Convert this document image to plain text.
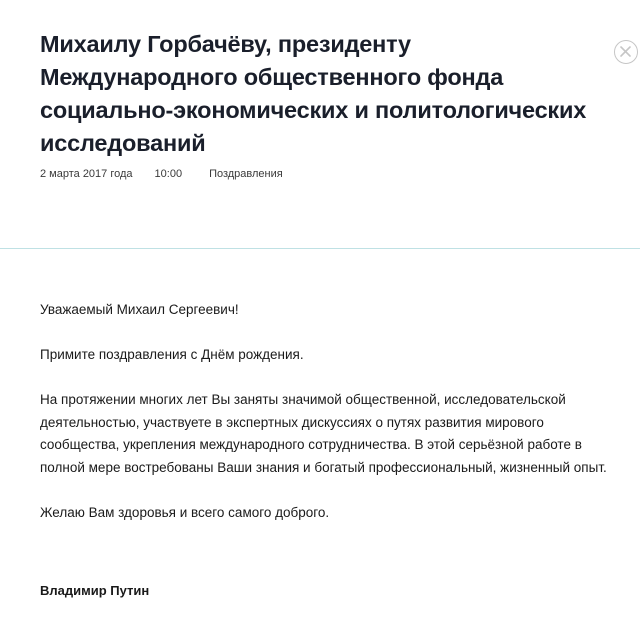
Михаилу Горбачёву, президенту Международного общественного фонда социально-экономических и политологических исследований
2 марта 2017 года 10:00 Поздравления

Уважаемый Михаил Сергеевич!

Примите поздравления с Днём рождения.

На протяжении многих лет Вы заняты значимой общественной, исследовательской деятельностью, участвуете в экспертных дискуссиях о путях развития мирового сообщества, укрепления международного сотрудничества. В этой серьёзной работе в полной мере востребованы Ваши знания и богатый профессиональный, жизненный опыт.

Желаю Вам здоровья и всего самого доброго.

Владимир Путин
